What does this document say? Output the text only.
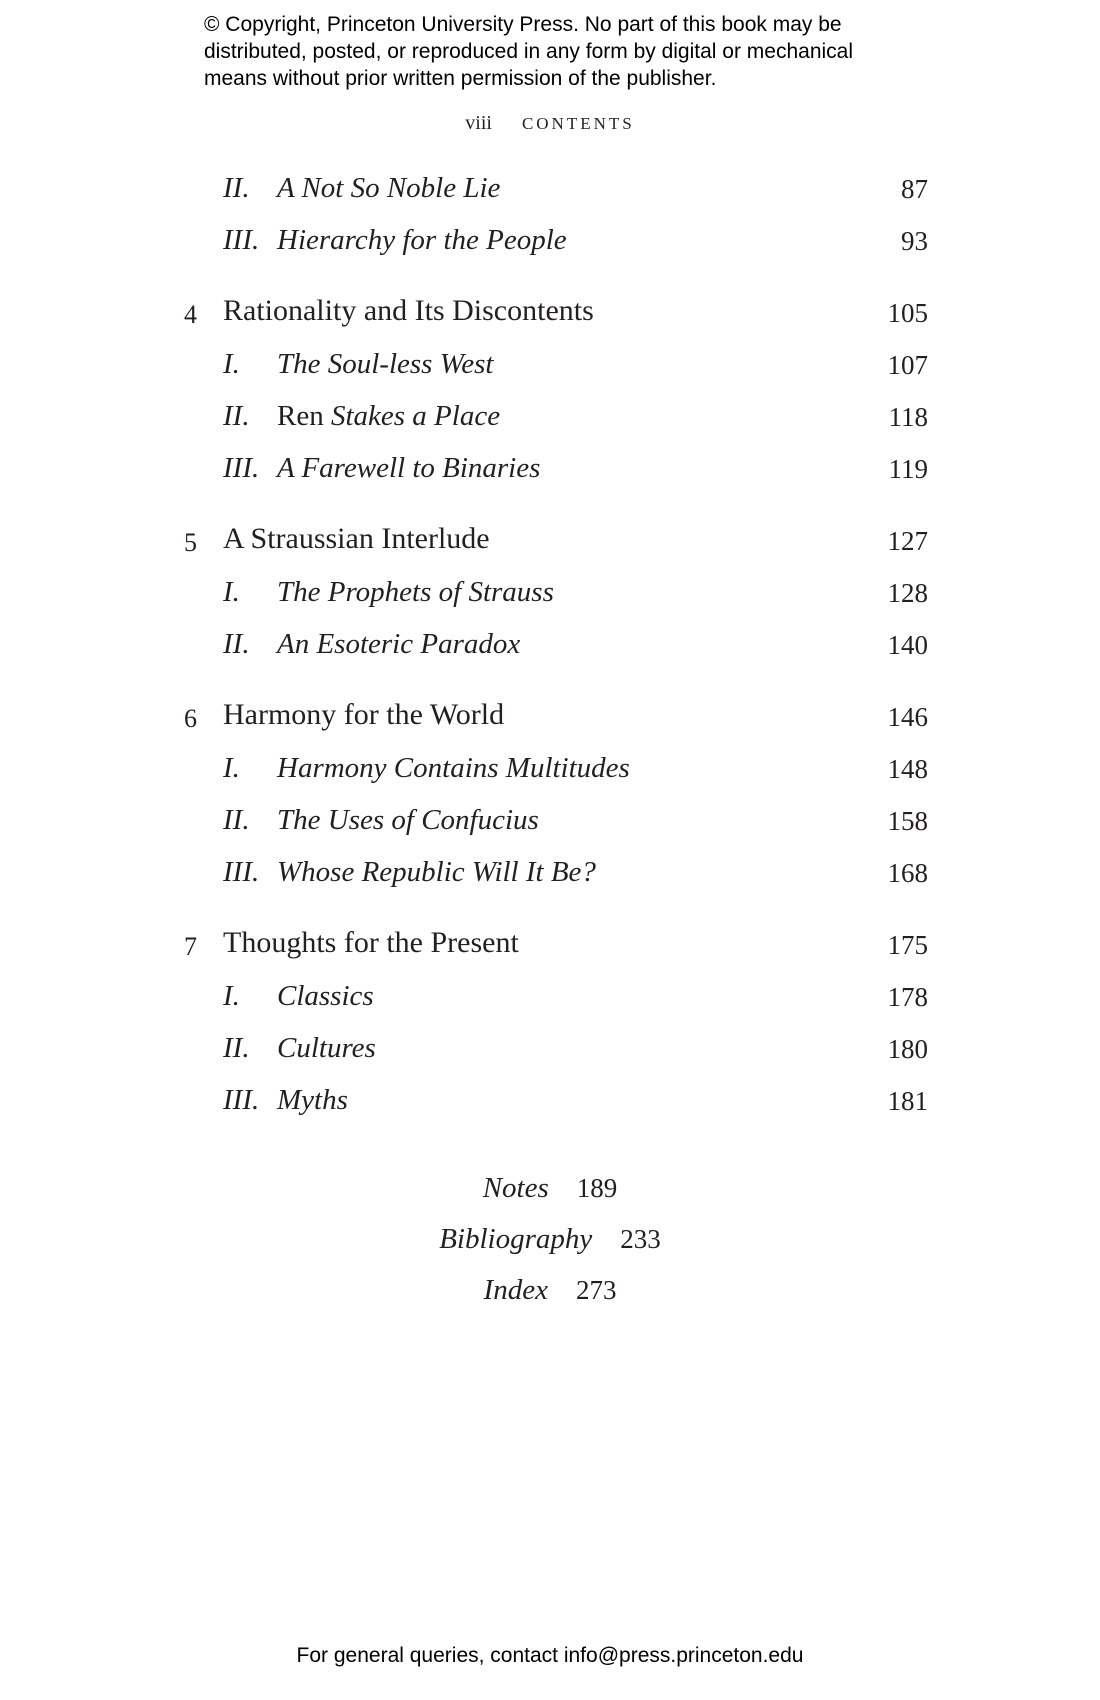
© Copyright, Princeton University Press. No part of this book may be
distributed, posted, or reproduced in any form by digital or mechanical
means without prior written permission of the publisher.
viii CONTENTS
II. A Not So Noble Lie	87
III. Hierarchy for the People	93
4 Rationality and Its Discontents	105
I. The Soul-less West	107
II. Ren Stakes a Place	118
III. A Farewell to Binaries	119
5 A Straussian Interlude	127
I. The Prophets of Strauss	128
II. An Esoteric Paradox	140
6 Harmony for the World	146
I. Harmony Contains Multitudes	148
II. The Uses of Confucius	158
III. Whose Republic Will It Be?	168
7 Thoughts for the Present	175
I. Classics	178
II. Cultures	180
III. Myths	181
Notes 189
Bibliography 233
Index 273
For general queries, contact info@press.princeton.edu
